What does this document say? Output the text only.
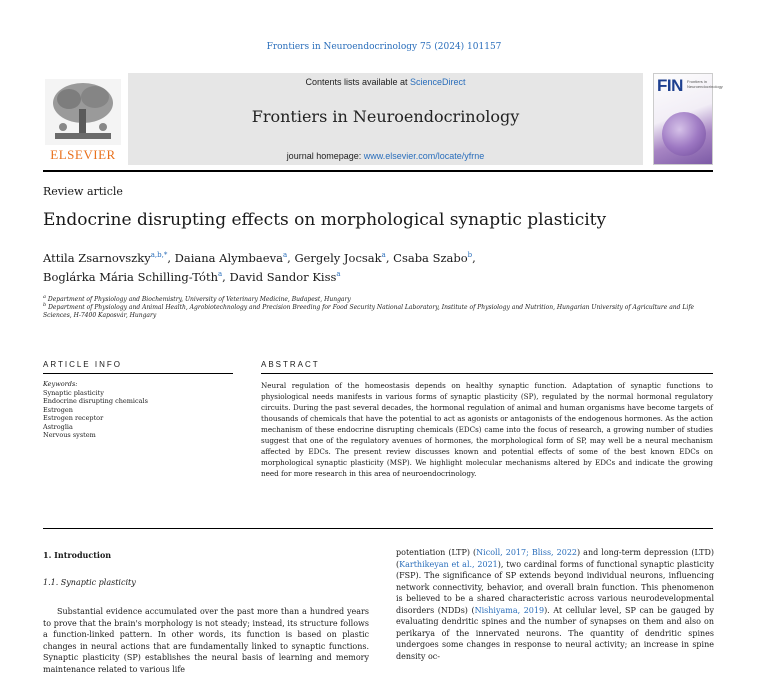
Frontiers in Neuroendocrinology 75 (2024) 101157
ELSEVIER
Contents lists available at ScienceDirect
Frontiers in Neuroendocrinology
journal homepage: www.elsevier.com/locate/yfrne
FIN Frontiers in Neuroendocrinology
Review article
Endocrine disrupting effects on morphological synaptic plasticity
Attila Zsarnovszky$^{a,b,*}$, Daiana Alymbaeva$^a$, Gergely Jocsak$^a$, Csaba Szabo$^b$,
Boglárka Mária Schilling-Tóth$^a$, David Sandor Kiss$^a$
$^a$ Department of Physiology and Biochemistry, University of Veterinary Medicine, Budapest, Hungary
$^b$ Department of Physiology and Animal Health, Agrobiotechnology and Precision Breeding for Food Security National Laboratory, Institute of Physiology and Nutrition, Hungarian University of Agriculture and Life Sciences, H-7400 Kaposvár, Hungary
ARTICLE INFO	ABSTRACT
Keywords:
Synaptic plasticity
Endocrine disrupting chemicals
Estrogen
Estrogen receptor
Astroglia
Nervous system
Neural regulation of the homeostasis depends on healthy synaptic function. Adaptation of synaptic functions to physiological needs manifests in various forms of synaptic plasticity (SP), regulated by the normal hormonal regulatory circuits. During the past several decades, the hormonal regulation of animal and human organisms have become targets of thousands of chemicals that have the potential to act as agonists or antagonists of the endogenous hormones. As the action mechanism of these endocrine disrupting chemicals (EDCs) came into the focus of research, a growing number of studies suggest that one of the regulatory avenues of hormones, the morphological form of SP, may well be a neural mechanism affected by EDCs. The present review discusses known and potential effects of some of the best known EDCs on morphological synaptic plasticity (MSP). We highlight molecular mechanisms altered by EDCs and indicate the growing need for more research in this area of neuroendocrinology.
1. Introduction
1.1. Synaptic plasticity
Substantial evidence accumulated over the past more than a hundred years to prove that the brain's morphology is not steady; instead, its structure follows a function-linked pattern. In other words, its function is based on plastic changes in neural actions that are fundamentally linked to synaptic functions. Synaptic plasticity (SP) establishes the neural basis of learning and memory maintenance related to various life
potentiation (LTP) (Nicoll, 2017; Bliss, 2022) and long-term depression (LTD) (Karthikeyan et al., 2021), two cardinal forms of functional synaptic plasticity (FSP). The significance of SP extends beyond individual neurons, influencing network connectivity, behavior, and overall brain function. This phenomenon is believed to be a shared characteristic across various neurodevelopmental disorders (NDDs) (Nishiyama, 2019). At cellular level, SP can be gauged by evaluating dendritic spines and the number of synapses on them and also on perikarya of the innervated neurons. The quantity of dendritic spines undergoes some changes in response to neural activity; an increase in spine density oc-
